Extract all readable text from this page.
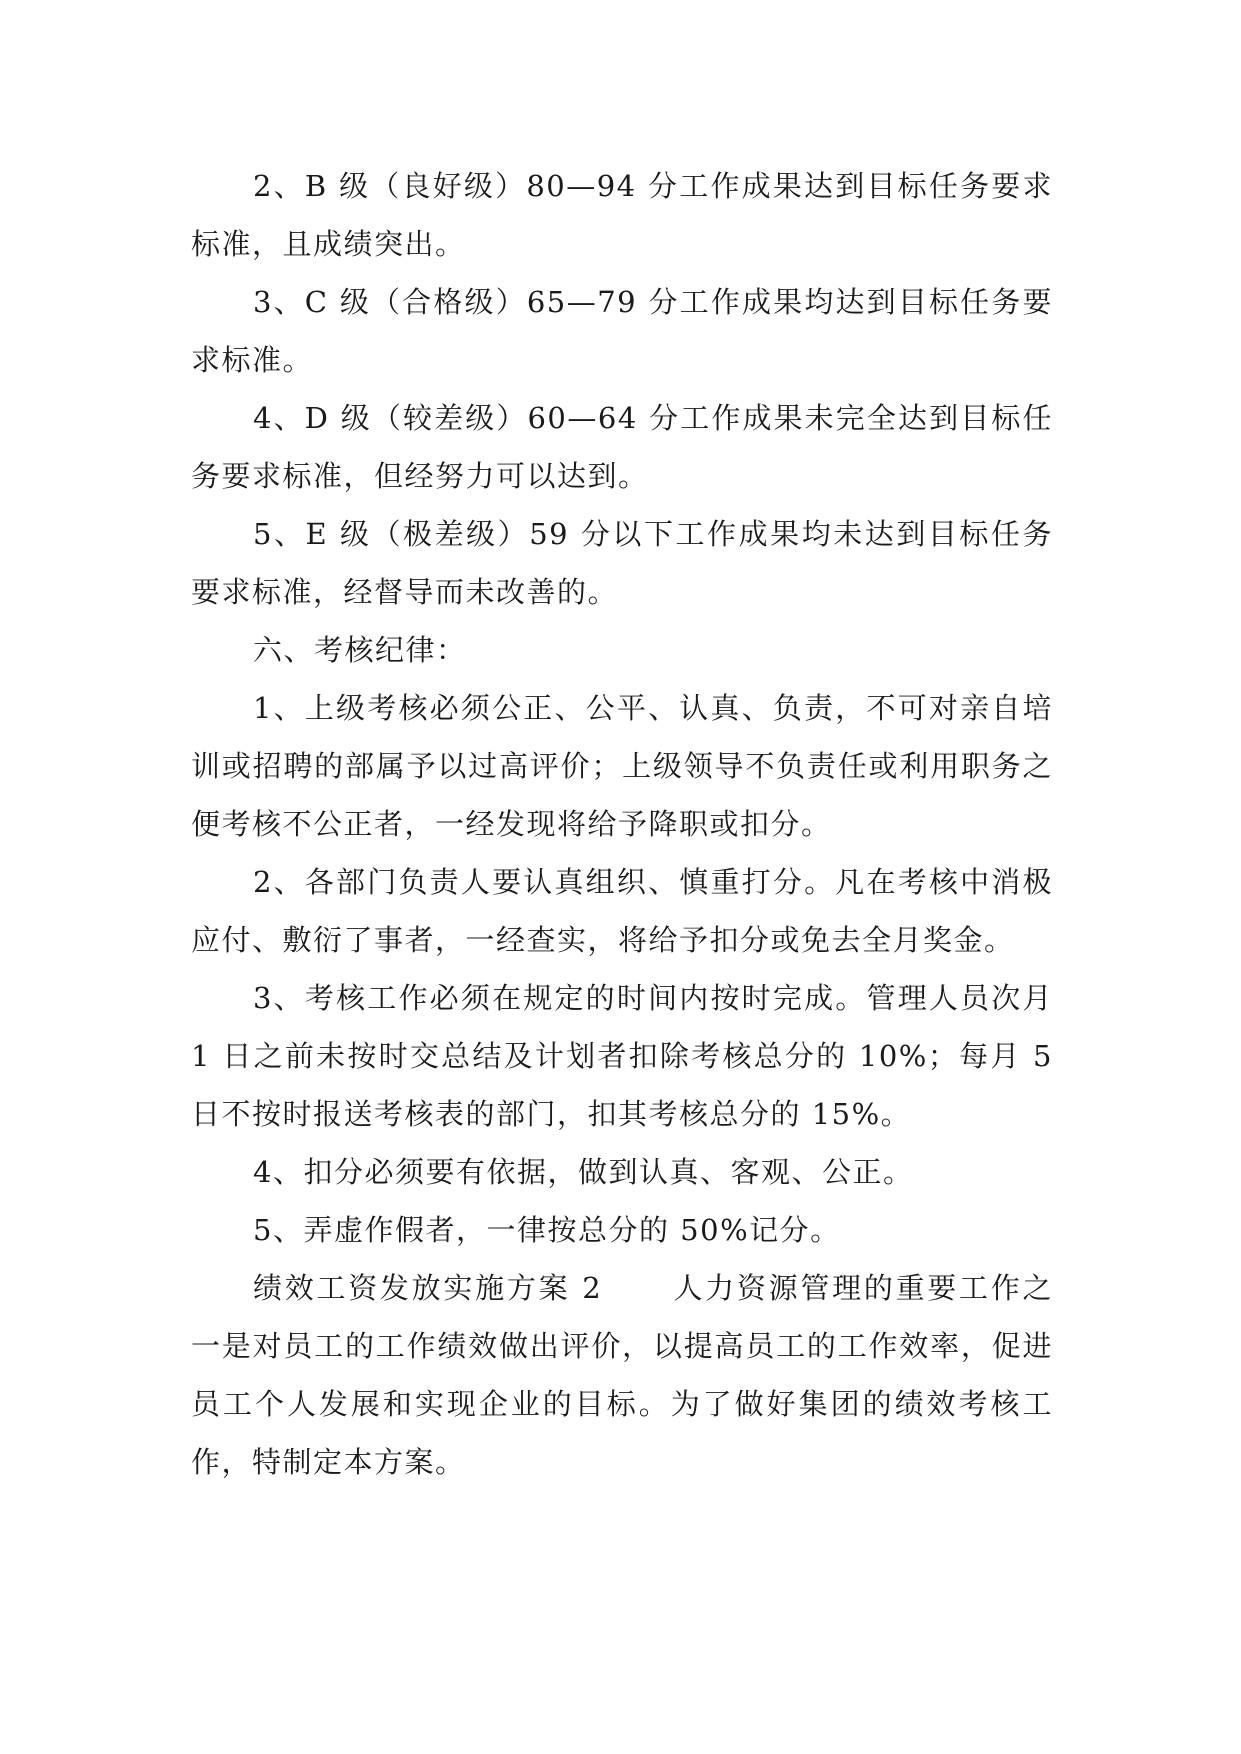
2、B 级（良好级）80—94 分工作成果达到目标任务要求标准，且成绩突出。

3、C 级（合格级）65—79 分工作成果均达到目标任务要求标准。

4、D 级（较差级）60—64 分工作成果未完全达到目标任务要求标准，但经努力可以达到。

5、E 级（极差级）59 分以下工作成果均未达到目标任务要求标准，经督导而未改善的。

六、考核纪律：

1、上级考核必须公正、公平、认真、负责，不可对亲自培训或招聘的部属予以过高评价；上级领导不负责任或利用职务之便考核不公正者，一经发现将给予降职或扣分。

2、各部门负责人要认真组织、慎重打分。凡在考核中消极应付、敷衍了事者，一经查实，将给予扣分或免去全月奖金。

3、考核工作必须在规定的时间内按时完成。管理人员次月 1 日之前未按时交总结及计划者扣除考核总分的 10%；每月 5 日不按时报送考核表的部门，扣其考核总分的 15%。

4、扣分必须要有依据，做到认真、客观、公正。

5、弄虚作假者，一律按总分的 50%记分。

绩效工资发放实施方案 2 人力资源管理的重要工作之一是对员工的工作绩效做出评价，以提高员工的工作效率，促进员工个人发展和实现企业的目标。为了做好集团的绩效考核工作，特制定本方案。
